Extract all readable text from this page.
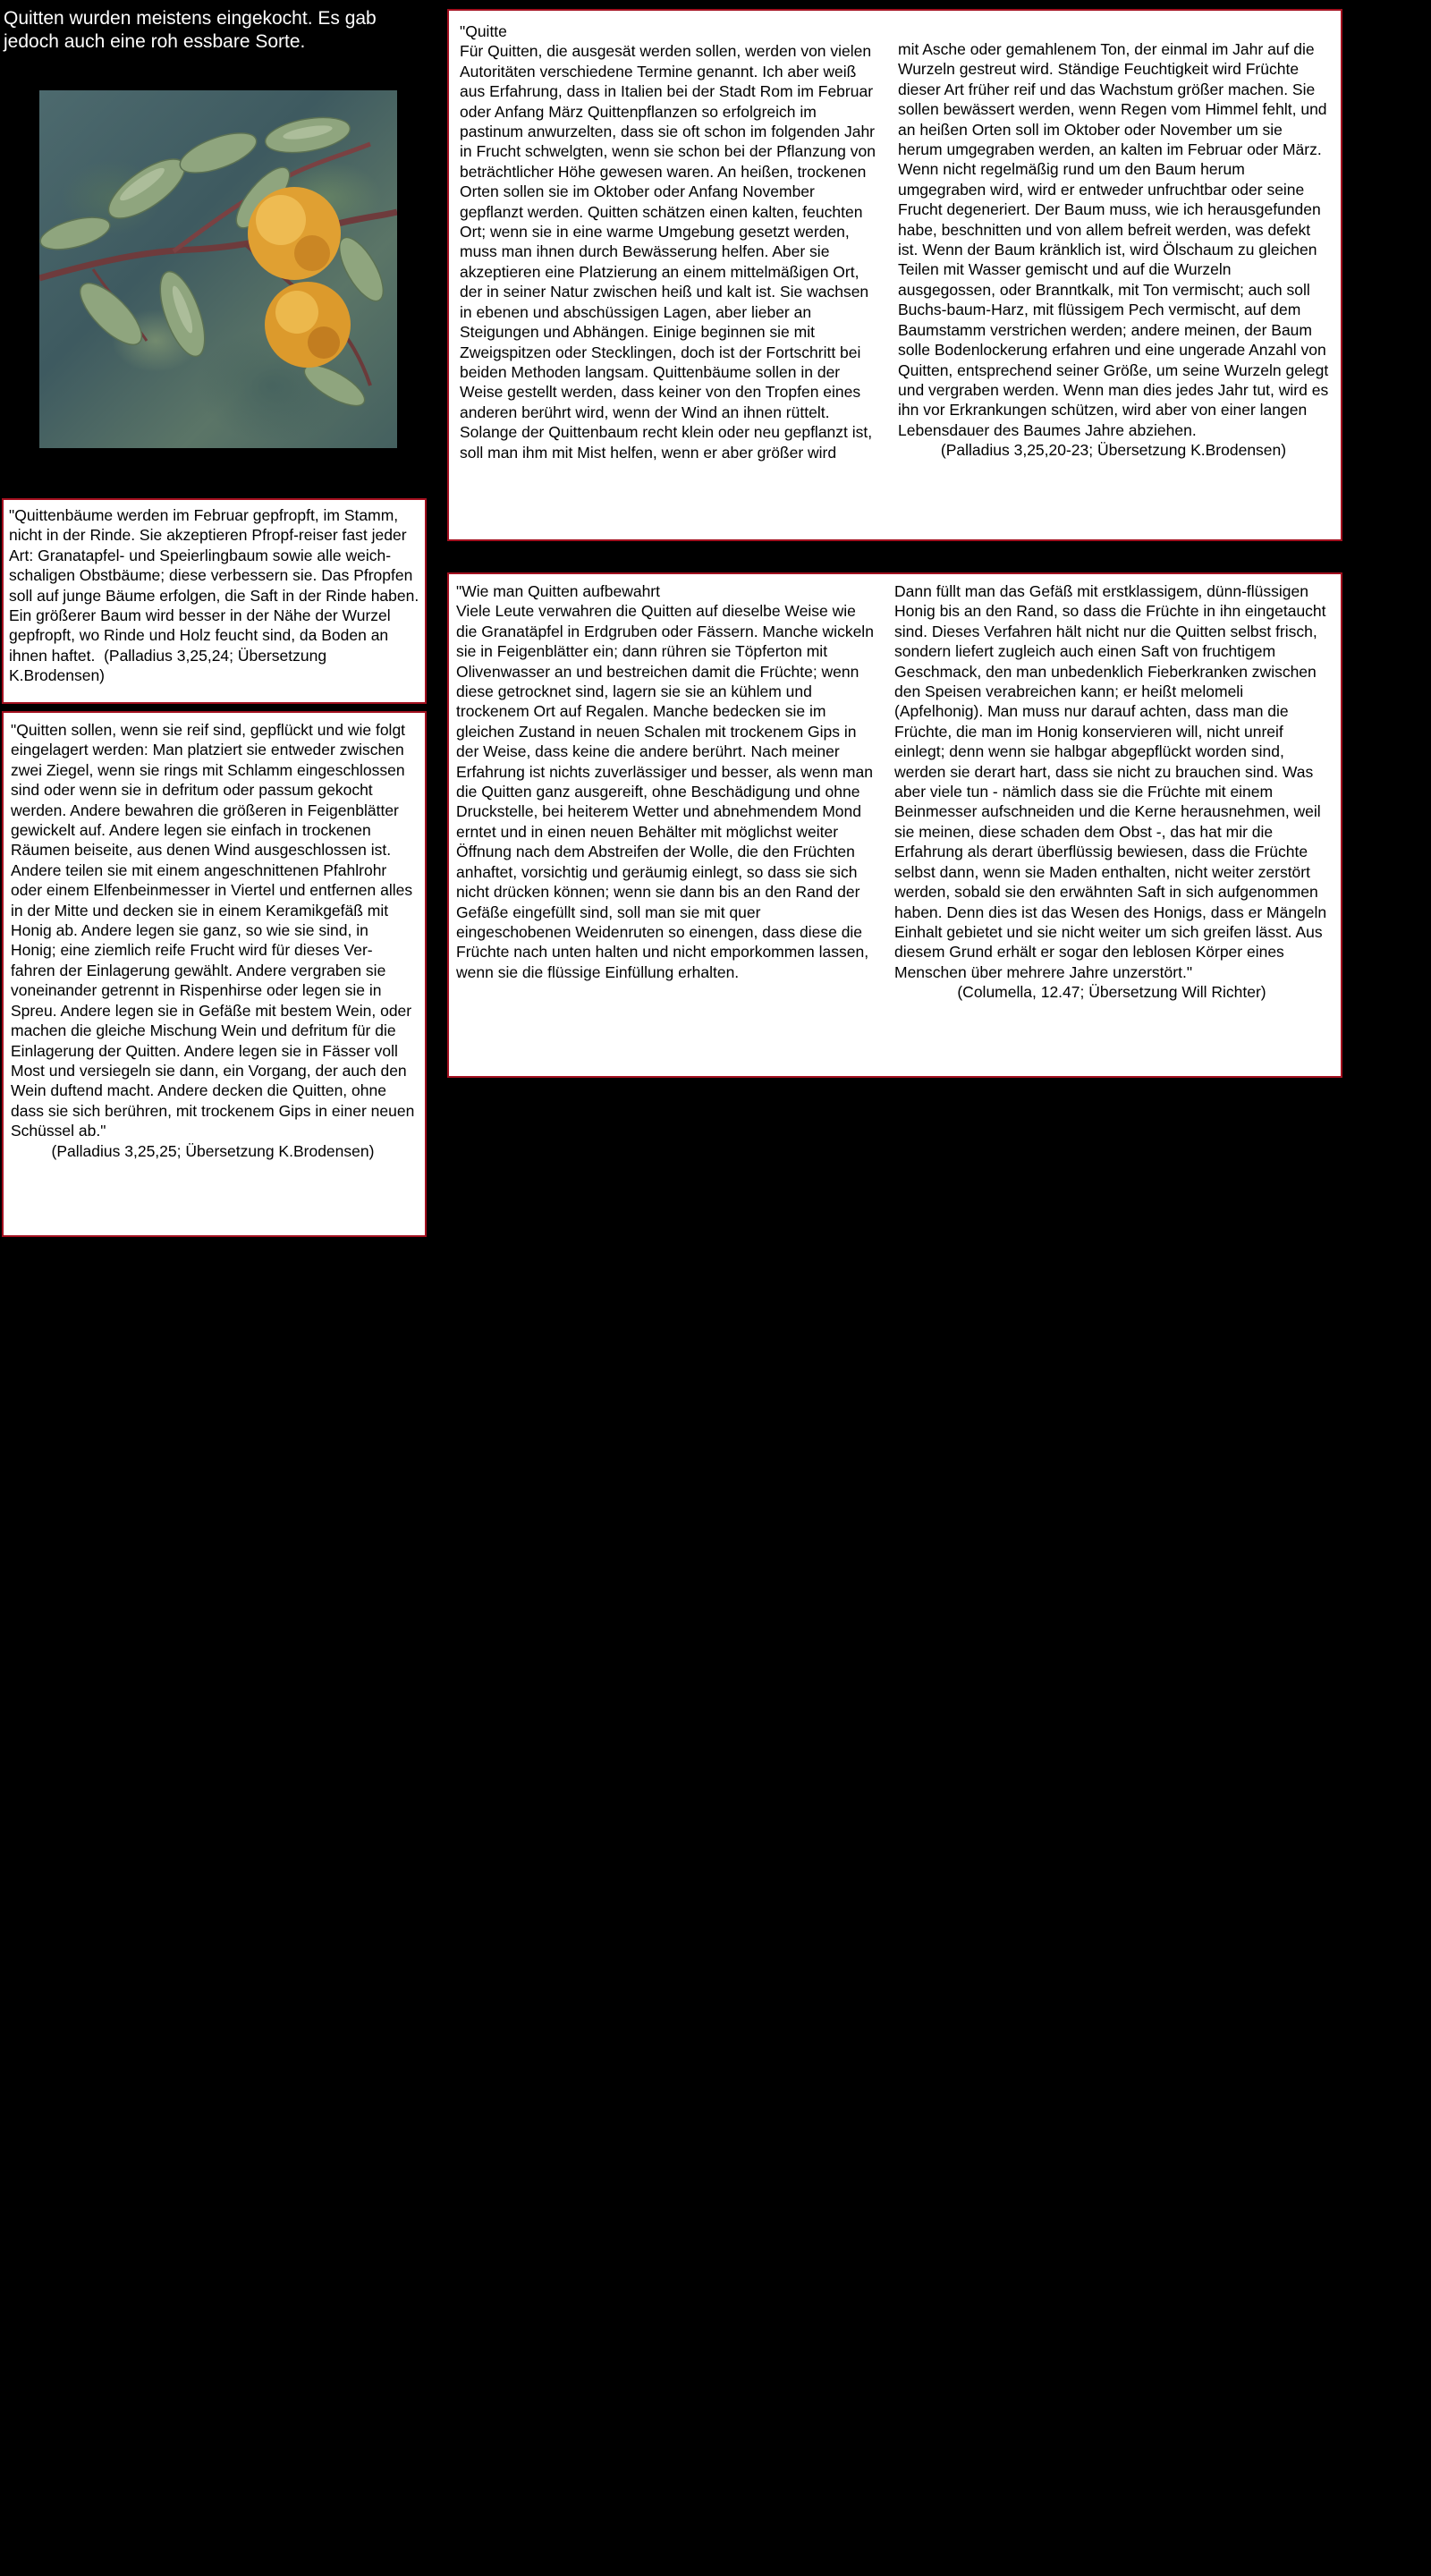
Quitten wurden meistens eingekocht. Es gab jedoch auch eine roh essbare Sorte.	"Quitte
Für Quitten, die ausgesät werden sollen, werden von vielen Autoritäten verschiedene Termine genannt. Ich aber weiß aus Erfahrung, dass in Italien bei der Stadt Rom im Februar oder Anfang März Quittenpflanzen so erfolgreich im pastinum anwurzelten, dass sie oft schon im folgenden Jahr in Frucht schwelgten, wenn sie schon bei der Pflanzung von beträchtlicher Höhe gewesen waren. An heißen, trockenen Orten sollen sie im Oktober oder Anfang November gepflanzt werden. Quitten schätzen einen kalten, feuchten Ort; wenn sie in eine warme Umgebung gesetzt werden, muss man ihnen durch Bewässerung helfen. Aber sie akzeptieren eine Platzierung an einem mittelmäßigen Ort, der in seiner Natur zwischen heiß und kalt ist. Sie wachsen in ebenen und abschüssigen Lagen, aber lieber an Steigungen und Abhängen. Einige beginnen sie mit Zweigspitzen oder Stecklingen, doch ist der Fortschritt bei beiden Methoden langsam. Quittenbäume sollen in der Weise gestellt werden, dass keiner von den Tropfen eines anderen berührt wird, wenn der Wind an ihnen rüttelt. Solange der Quittenbaum recht klein oder neu gepflanzt ist, soll man ihm mit Mist helfen, wenn er aber größer wird

mit Asche oder gemahlenem Ton, der einmal im Jahr auf die Wurzeln gestreut wird. Ständige Feuchtigkeit wird Früchte dieser Art früher reif und das Wachstum größer machen. Sie sollen bewässert werden, wenn Regen vom Himmel fehlt, und an heißen Orten soll im Oktober oder November um sie herum umgegraben werden, an kalten im Februar oder März. Wenn nicht regelmäßig rund um den Baum herum umgegraben wird, wird er entweder unfruchtbar oder seine Frucht degeneriert. Der Baum muss, wie ich herausgefunden habe, beschnitten und von allem befreit werden, was defekt ist. Wenn der Baum kränklich ist, wird Ölschaum zu gleichen Teilen mit Wasser gemischt und auf die Wurzeln ausgegossen, oder Branntkalk, mit Ton vermischt; auch soll Buchs-baum-Harz, mit flüssigem Pech vermischt, auf dem Baumstamm verstrichen werden; andere meinen, der Baum solle Bodenlockerung erfahren und eine ungerade Anzahl von Quitten, entsprechend seiner Größe, um seine Wurzeln gelegt und vergraben werden. Wenn man dies jedes Jahr tut, wird es ihn vor Erkrankungen schützen, wird aber von einer langen Lebensdauer des Baumes Jahre abziehen.

(Palladius 3,25,20-23; Übersetzung K.Brodensen)

"Wie man Quitten aufbewahrt
Viele Leute verwahren die Quitten auf dieselbe Weise wie die Granatäpfel in Erdgruben oder Fässern. Manche wickeln sie in Feigenblätter ein; dann rühren sie Töpferton mit Olivenwasser an und bestreichen damit die Früchte; wenn diese getrocknet sind, lagern sie sie an kühlem und trockenem Ort auf Regalen. Manche bedecken sie im gleichen Zustand in neuen Schalen mit trockenem Gips in der Weise, dass keine die andere berührt. Nach meiner Erfahrung ist nichts zuverlässiger und besser, als wenn man die Quitten ganz ausgereift, ohne Beschädigung und ohne Druckstelle, bei heiterem Wetter und abnehmendem Mond erntet und in einen neuen Behälter mit möglichst weiter Öffnung nach dem Abstreifen der Wolle, die den Früchten anhaftet, vorsichtig und geräumig einlegt, so dass sie sich nicht drücken können; wenn sie dann bis an den Rand der Gefäße eingefüllt sind, soll man sie mit quer eingeschobenen Weidenruten so einengen, dass diese die Früchte nach unten halten und nicht emporkommen lassen, wenn sie die flüssige Einfüllung erhalten.

Dann füllt man das Gefäß mit erstklassigem, dünn-flüssigen Honig bis an den Rand, so dass die Früchte in ihn eingetaucht sind. Dieses Verfahren hält nicht nur die Quitten selbst frisch, sondern liefert zugleich auch einen Saft von fruchtigem Geschmack, den man unbedenklich Fieberkranken zwischen den Speisen verabreichen kann; er heißt melomeli (Apfelhonig). Man muss nur darauf achten, dass man die Früchte, die man im Honig konservieren will, nicht unreif einlegt; denn wenn sie halbgar abgepflückt worden sind, werden sie derart hart, dass sie nicht zu brauchen sind. Was aber viele tun - nämlich dass sie die Früchte mit einem Beinmesser aufschneiden und die Kerne herausnehmen, weil sie meinen, diese schaden dem Obst -, das hat mir die Erfahrung als derart überflüssig bewiesen, dass die Früchte selbst dann, wenn sie Maden enthalten, nicht weiter zerstört werden, sobald sie den erwähnten Saft in sich aufgenommen haben. Denn dies ist das Wesen des Honigs, dass er Mängeln Einhalt gebietet und sie nicht weiter um sich greifen lässt. Aus diesem Grund erhält er sogar den leblosen Körper eines Menschen über mehrere Jahre unzerstört."

(Columella, 12.47; Übersetzung Will Richter)

"Quittenbäume werden im Februar gepfropft, im Stamm, nicht in der Rinde. Sie akzeptieren Pfropf-reiser fast jeder Art: Granatapfel- und Speierlingbaum sowie alle weich-schaligen Obstbäume; diese verbessern sie. Das Pfropfen soll auf junge Bäume erfolgen, die Saft in der Rinde haben. Ein größerer Baum wird besser in der Nähe der Wurzel gepfropft, wo Rinde und Holz feucht sind, da Boden an ihnen haftet. (Palladius 3,25,24; Übersetzung K.Brodensen)

"Quitten sollen, wenn sie reif sind, gepflückt und wie folgt eingelagert werden: Man platziert sie entweder zwischen zwei Ziegel, wenn sie rings mit Schlamm eingeschlossen sind oder wenn sie in defritum oder passum gekocht werden. Andere bewahren die größeren in Feigenblätter gewickelt auf. Andere legen sie einfach in trockenen Räumen beiseite, aus denen Wind ausgeschlossen ist. Andere teilen sie mit einem angeschnittenen Pfahlrohr oder einem Elfenbeinmesser in Viertel und entfernen alles in der Mitte und decken sie in einem Keramikgefäß mit Honig ab. Andere legen sie ganz, so wie sie sind, in Honig; eine ziemlich reife Frucht wird für dieses Ver-fahren der Einlagerung gewählt. Andere vergraben sie voneinander getrennt in Rispenhirse oder legen sie in Spreu. Andere legen sie in Gefäße mit bestem Wein, oder machen die gleiche Mischung Wein und defritum für die Einlagerung der Quitten. Andere legen sie in Fässer voll Most und versiegeln sie dann, ein Vorgang, der auch den Wein duftend macht. Andere decken die Quitten, ohne dass sie sich berühren, mit trockenem Gips in einer neuen Schüssel ab."

(Palladius 3,25,25; Übersetzung K.Brodensen)
